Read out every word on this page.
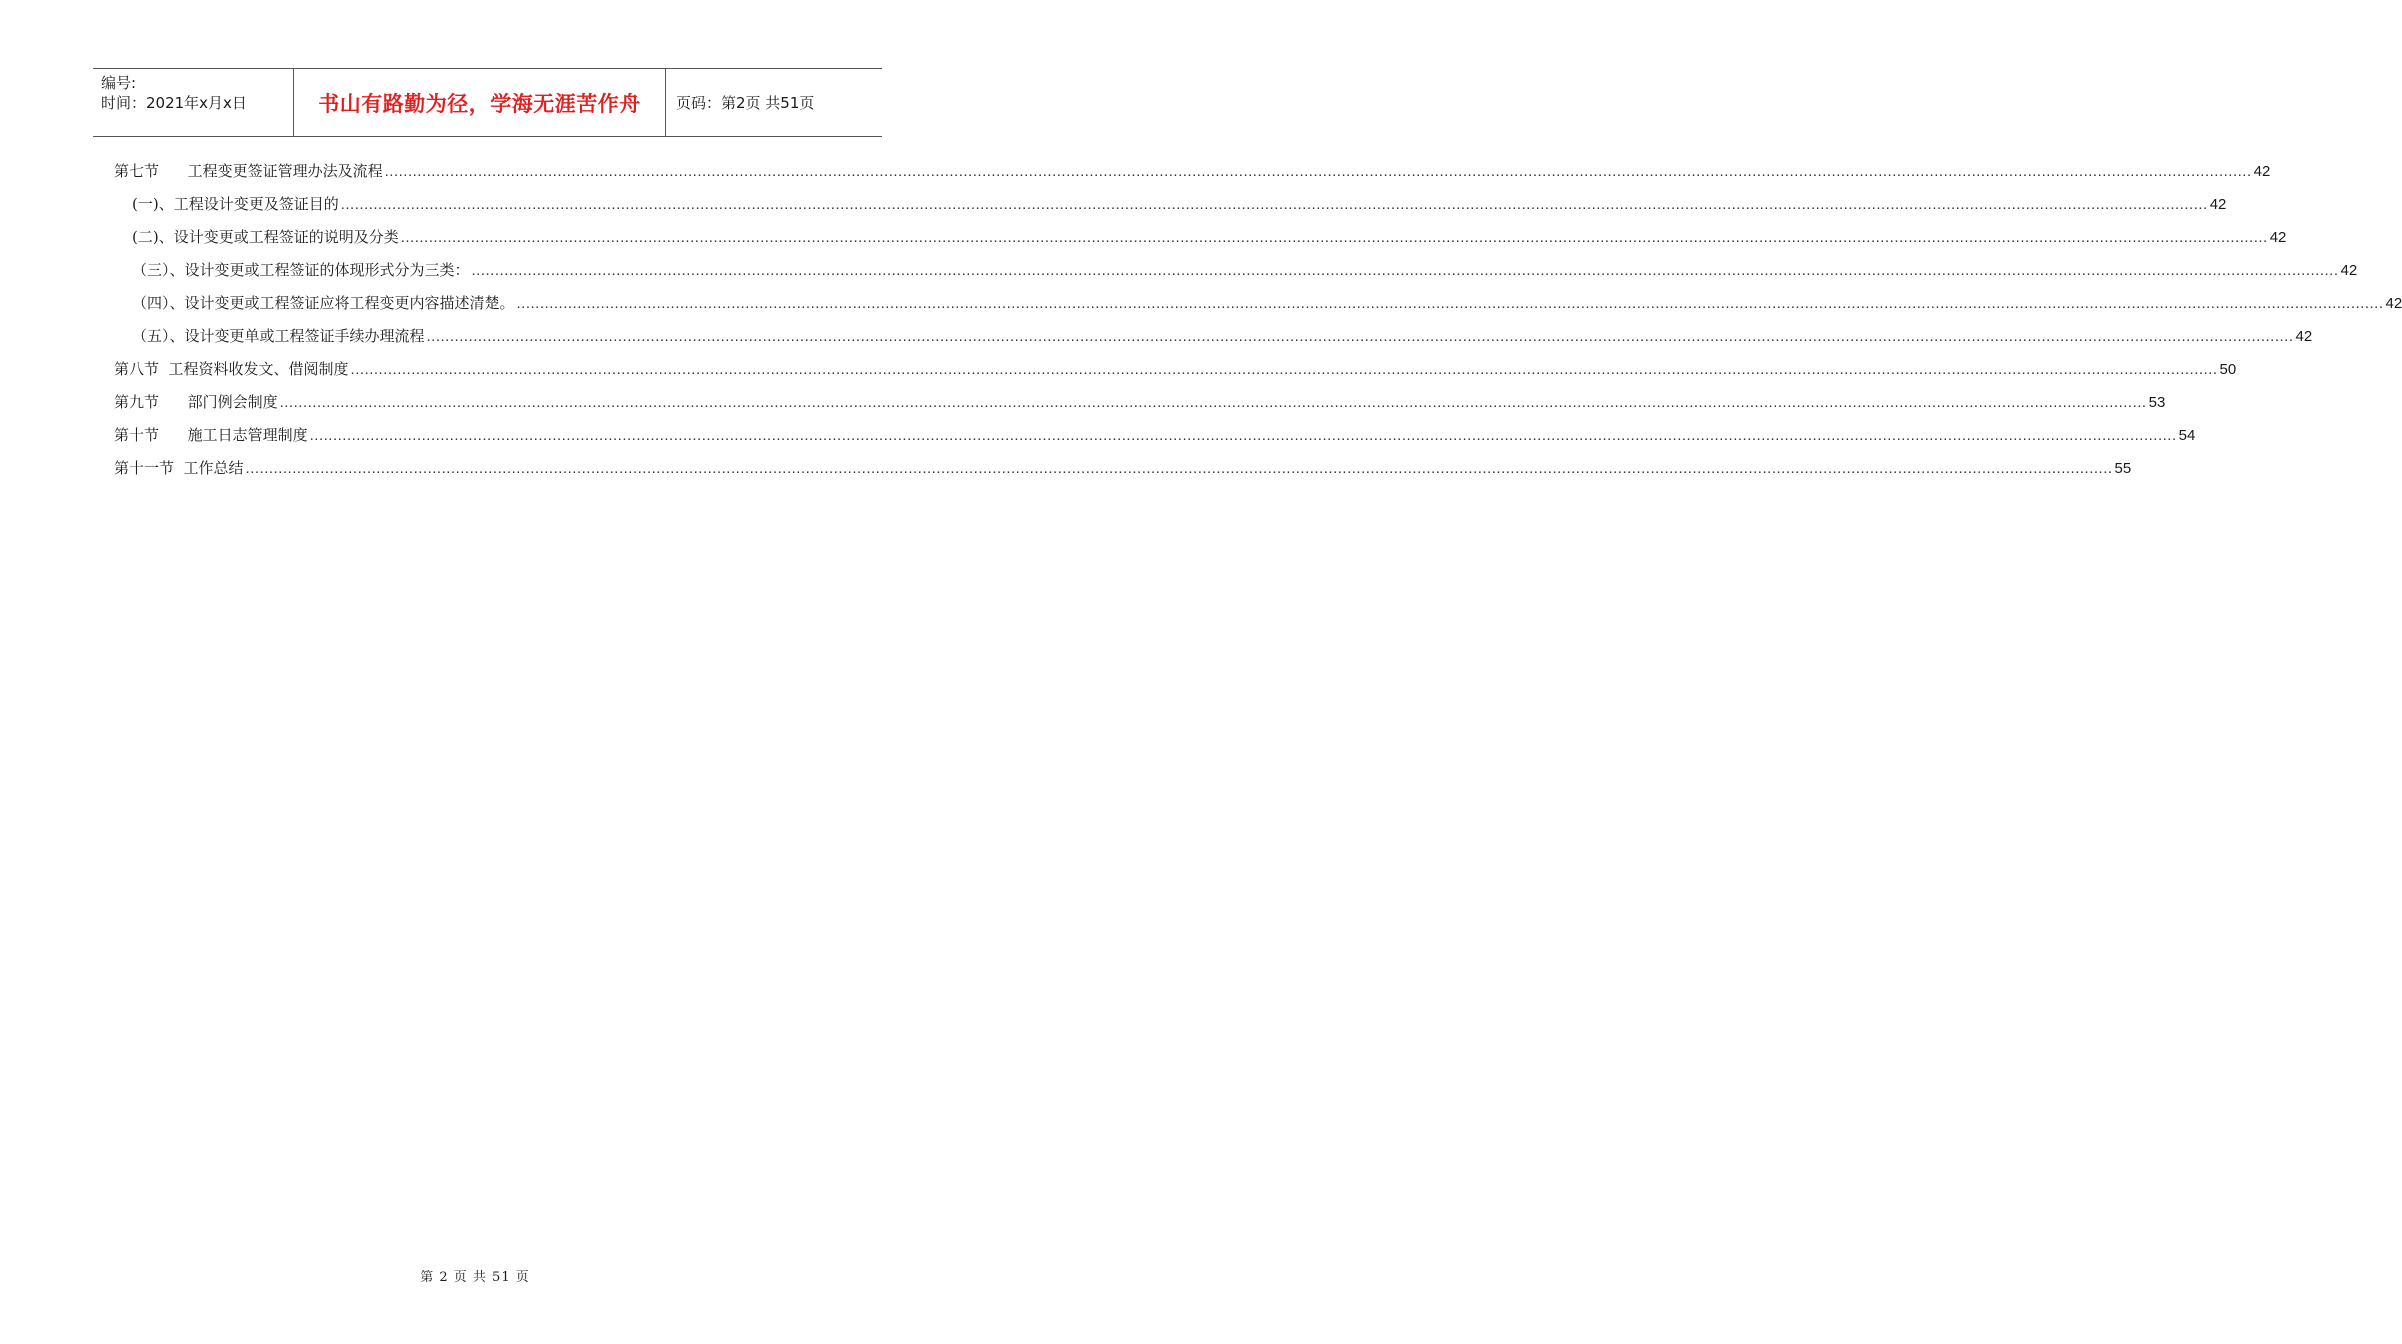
编号:
时间：2021年x月x日	书山有路勤为径，学海无涯苦作舟	页码：第2页 共51页
第七节      工程变更签证管理办法及流程 ................................................................................................................................................................................................................................................................................................................................................................................................................ 42
(一)、工程设计变更及签证目的 ................................................................................................................................................................................................................................................................................................................................................................................................................ 42
(二)、设计变更或工程签证的说明及分类 ................................................................................................................................................................................................................................................................................................................................................................................................................ 42
（三）、设计变更或工程签证的体现形式分为三类： ................................................................................................................................................................................................................................................................................................................................................................................................................ 42
（四）、设计变更或工程签证应将工程变更内容描述清楚。 ................................................................................................................................................................................................................................................................................................................................................................................................................ 42
（五）、设计变更单或工程签证手续办理流程 ................................................................................................................................................................................................................................................................................................................................................................................................................ 42
第八节  工程资料收发文、借阅制度 ................................................................................................................................................................................................................................................................................................................................................................................................................ 50
第九节      部门例会制度 ................................................................................................................................................................................................................................................................................................................................................................................................................ 53
第十节      施工日志管理制度 ................................................................................................................................................................................................................................................................................................................................................................................................................ 54
第十一节  工作总结 ................................................................................................................................................................................................................................................................................................................................................................................................................ 55
第 2 页 共 51 页
